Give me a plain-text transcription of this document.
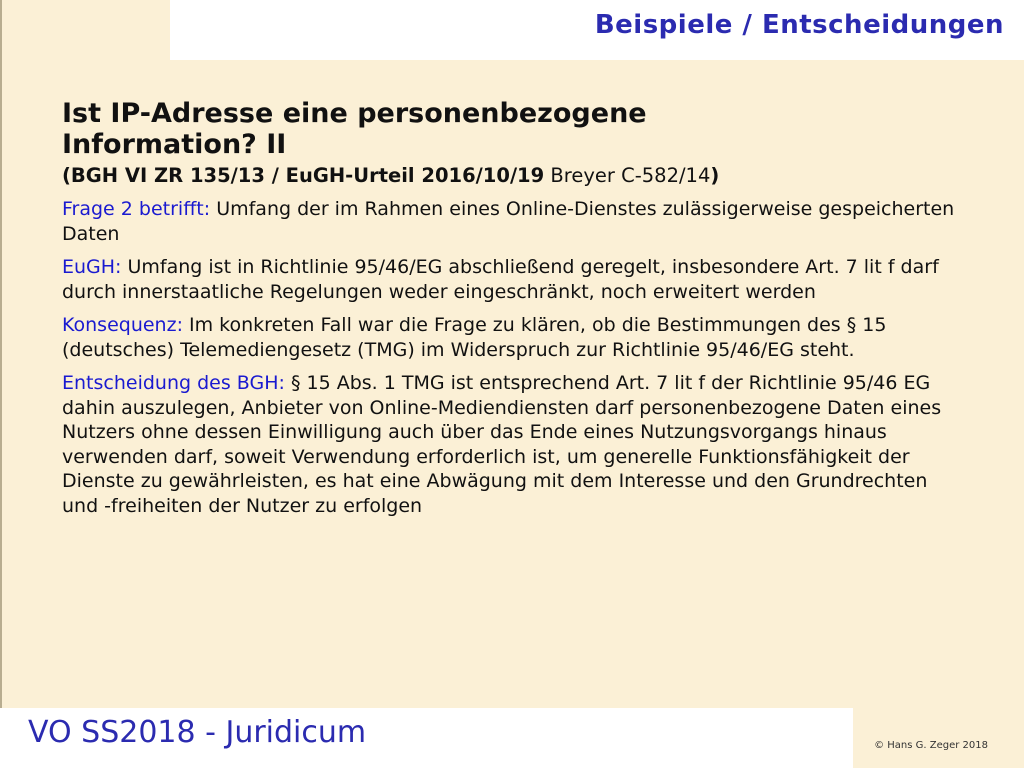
Beispiele / Entscheidungen
Ist IP-Adresse eine personenbezogene
Information? II
(BGH VI ZR 135/13 / EuGH-Urteil 2016/10/19 Breyer C-582/14)

Frage 2 betrifft: Umfang der im Rahmen eines Online-Dienstes zulässigerweise gespeicherten Daten

EuGH: Umfang ist in Richtlinie 95/46/EG abschließend geregelt, insbesondere Art. 7 lit f darf durch innerstaatliche Regelungen weder eingeschränkt, noch erweitert werden

Konsequenz: Im konkreten Fall war die Frage zu klären, ob die Bestimmungen des § 15 (deutsches) Telemediengesetz (TMG) im Widerspruch zur Richtlinie 95/46/EG steht.

Entscheidung des BGH: § 15 Abs. 1 TMG ist entsprechend Art. 7 lit f der Richtlinie 95/46 EG dahin auszulegen, Anbieter von Online-Mediendiensten darf personenbezogene Daten eines Nutzers ohne dessen Einwilligung auch über das Ende eines Nutzungsvorgangs hinaus verwenden darf, soweit Verwendung erforderlich ist, um generelle Funktionsfähigkeit der Dienste zu gewährleisten, es hat eine Abwägung mit dem Interesse und den Grundrechten und -freiheiten der Nutzer zu erfolgen

VO SS2018 - Juridicum	© Hans G. Zeger 2018
